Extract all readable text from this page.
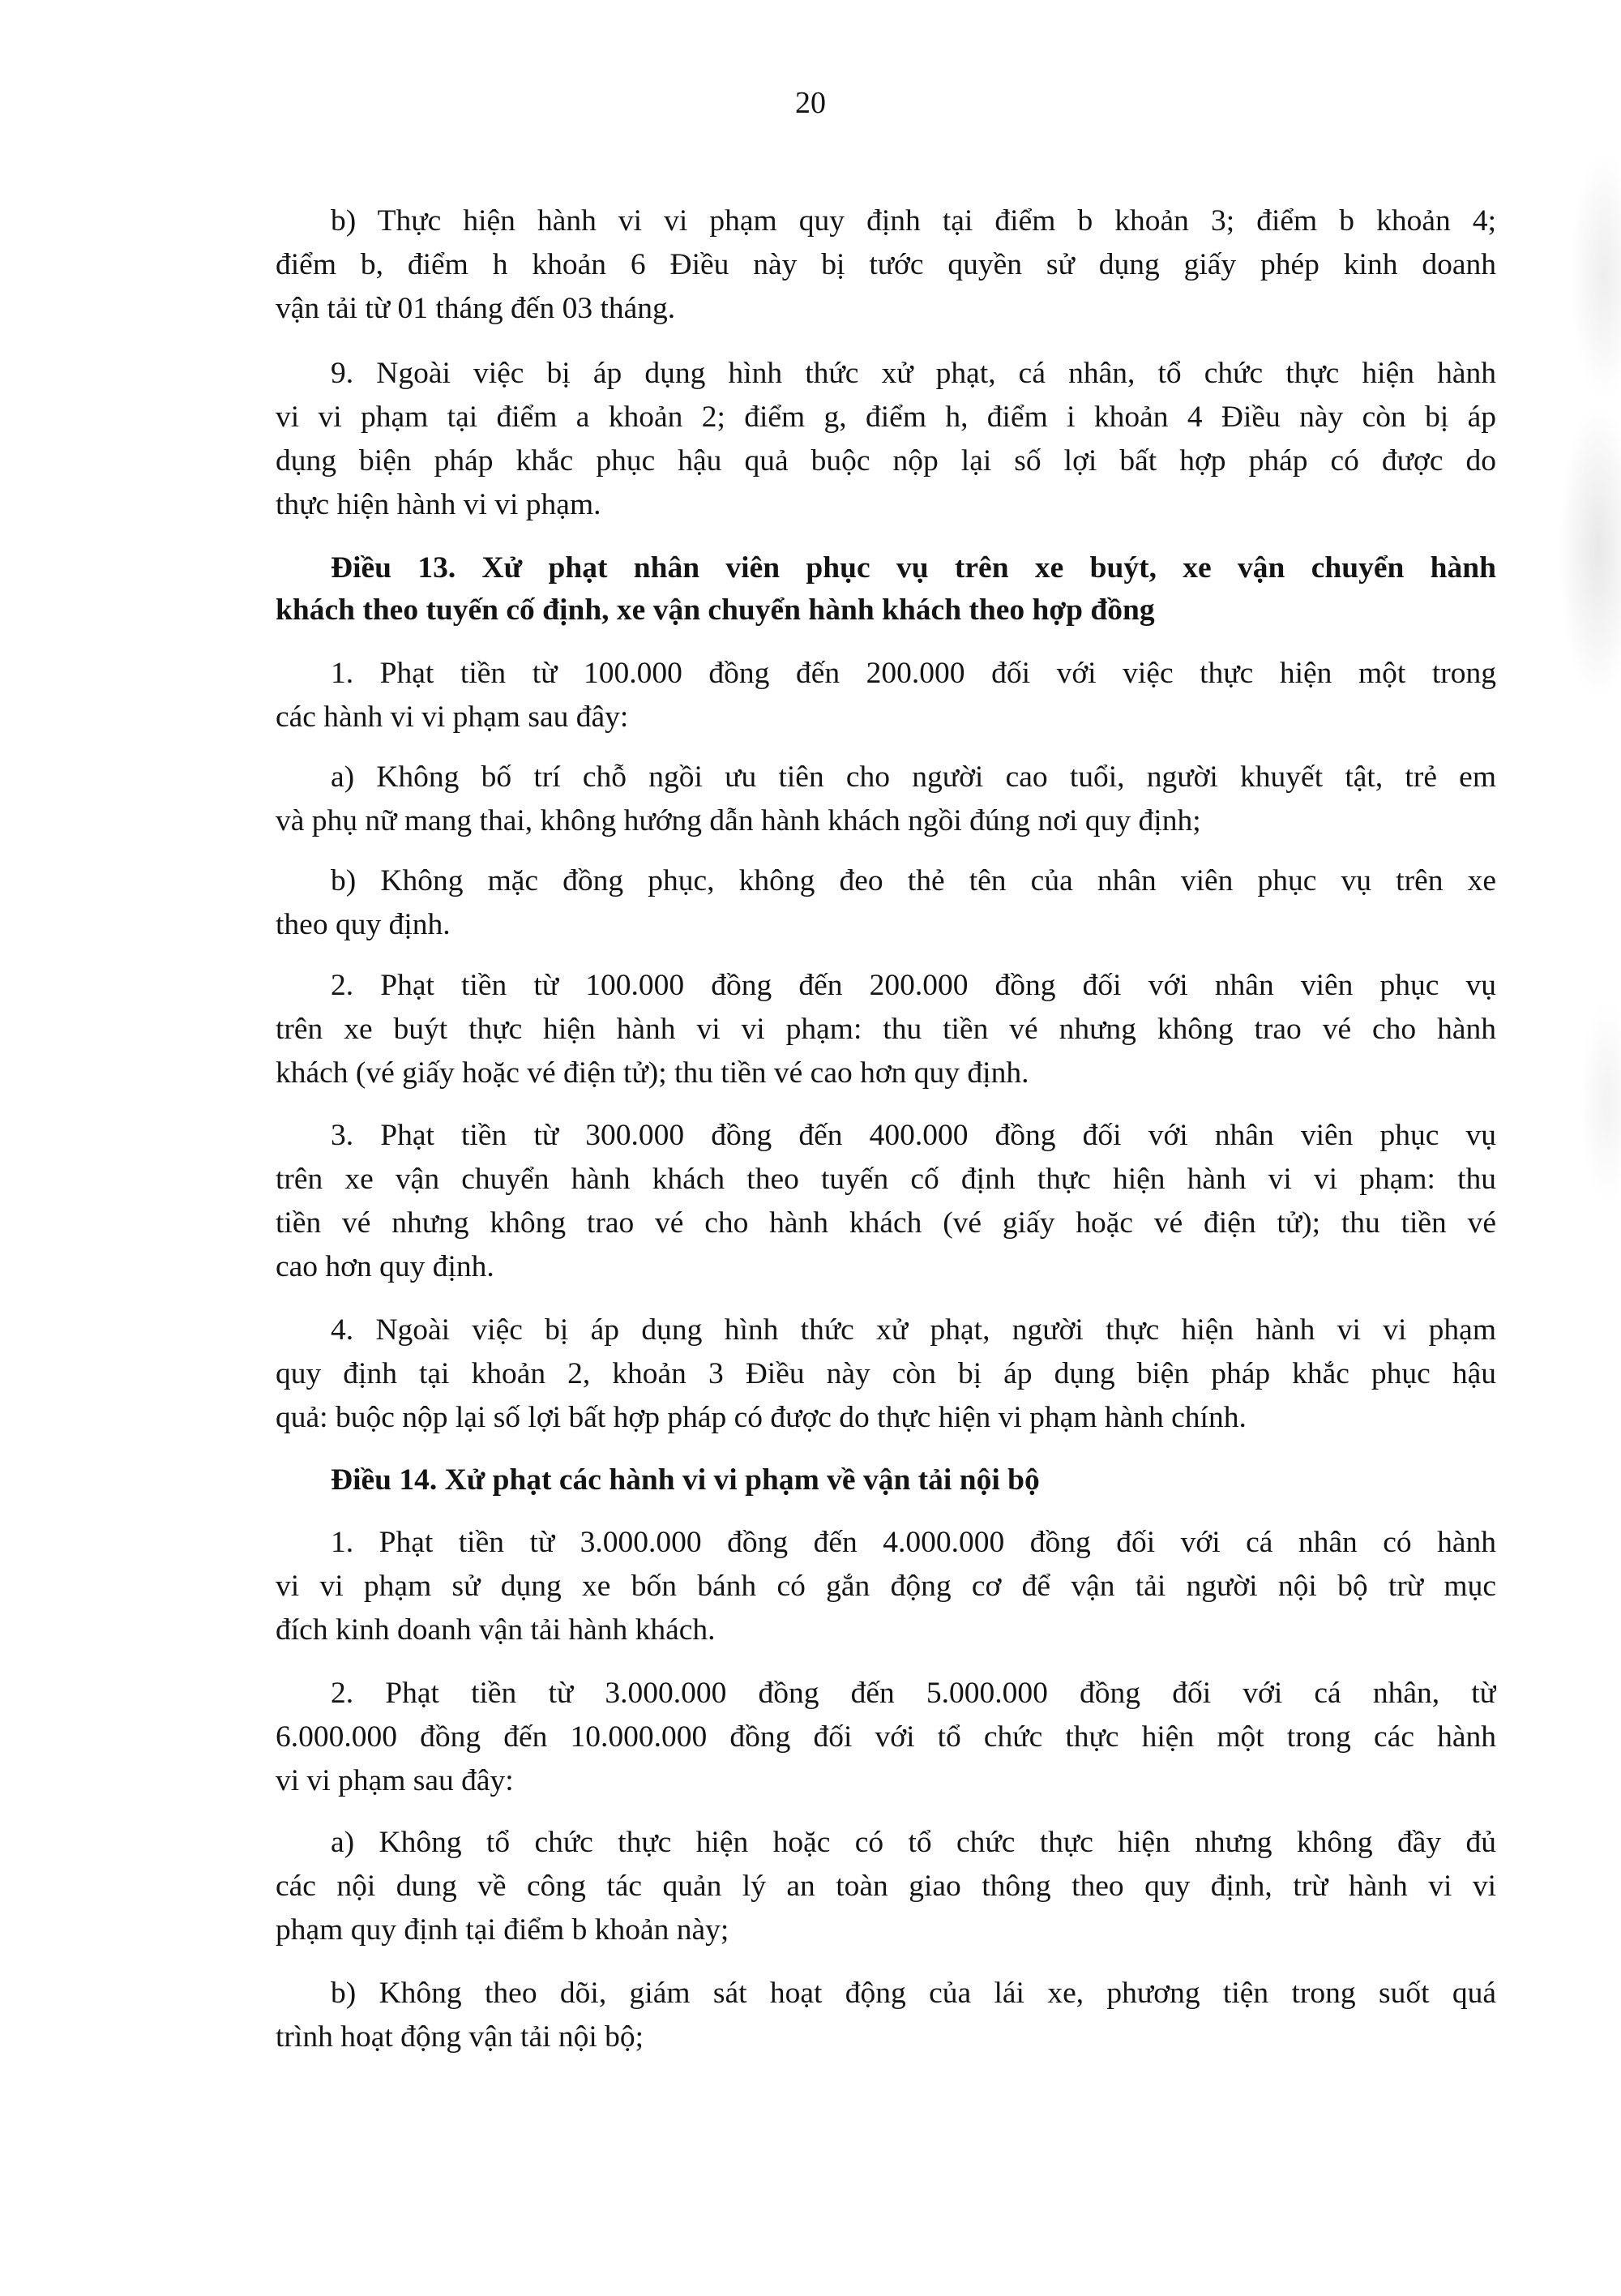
20
b) Thực hiện hành vi vi phạm quy định tại điểm b khoản 3; điểm b khoản 4;
điểm b, điểm h khoản 6 Điều này bị tước quyền sử dụng giấy phép kinh doanh
vận tải từ 01 tháng đến 03 tháng.
9. Ngoài việc bị áp dụng hình thức xử phạt, cá nhân, tổ chức thực hiện hành
vi vi phạm tại điểm a khoản 2; điểm g, điểm h, điểm i khoản 4 Điều này còn bị áp
dụng biện pháp khắc phục hậu quả buộc nộp lại số lợi bất hợp pháp có được do
thực hiện hành vi vi phạm.
Điều 13. Xử phạt nhân viên phục vụ trên xe buýt, xe vận chuyển hành
khách theo tuyến cố định, xe vận chuyển hành khách theo hợp đồng
1. Phạt tiền từ 100.000 đồng đến 200.000 đối với việc thực hiện một trong
các hành vi vi phạm sau đây:
a) Không bố trí chỗ ngồi ưu tiên cho người cao tuổi, người khuyết tật, trẻ em
và phụ nữ mang thai, không hướng dẫn hành khách ngồi đúng nơi quy định;
b) Không mặc đồng phục, không đeo thẻ tên của nhân viên phục vụ trên xe
theo quy định.
2. Phạt tiền từ 100.000 đồng đến 200.000 đồng đối với nhân viên phục vụ
trên xe buýt thực hiện hành vi vi phạm: thu tiền vé nhưng không trao vé cho hành
khách (vé giấy hoặc vé điện tử); thu tiền vé cao hơn quy định.
3. Phạt tiền từ 300.000 đồng đến 400.000 đồng đối với nhân viên phục vụ
trên xe vận chuyển hành khách theo tuyến cố định thực hiện hành vi vi phạm: thu
tiền vé nhưng không trao vé cho hành khách (vé giấy hoặc vé điện tử); thu tiền vé
cao hơn quy định.
4. Ngoài việc bị áp dụng hình thức xử phạt, người thực hiện hành vi vi phạm
quy định tại khoản 2, khoản 3 Điều này còn bị áp dụng biện pháp khắc phục hậu
quả: buộc nộp lại số lợi bất hợp pháp có được do thực hiện vi phạm hành chính.
Điều 14. Xử phạt các hành vi vi phạm về vận tải nội bộ
1. Phạt tiền từ 3.000.000 đồng đến 4.000.000 đồng đối với cá nhân có hành
vi vi phạm sử dụng xe bốn bánh có gắn động cơ để vận tải người nội bộ trừ mục
đích kinh doanh vận tải hành khách.
2. Phạt tiền từ 3.000.000 đồng đến 5.000.000 đồng đối với cá nhân, từ
6.000.000 đồng đến 10.000.000 đồng đối với tổ chức thực hiện một trong các hành
vi vi phạm sau đây:
a) Không tổ chức thực hiện hoặc có tổ chức thực hiện nhưng không đầy đủ
các nội dung về công tác quản lý an toàn giao thông theo quy định, trừ hành vi vi
phạm quy định tại điểm b khoản này;
b) Không theo dõi, giám sát hoạt động của lái xe, phương tiện trong suốt quá
trình hoạt động vận tải nội bộ;
